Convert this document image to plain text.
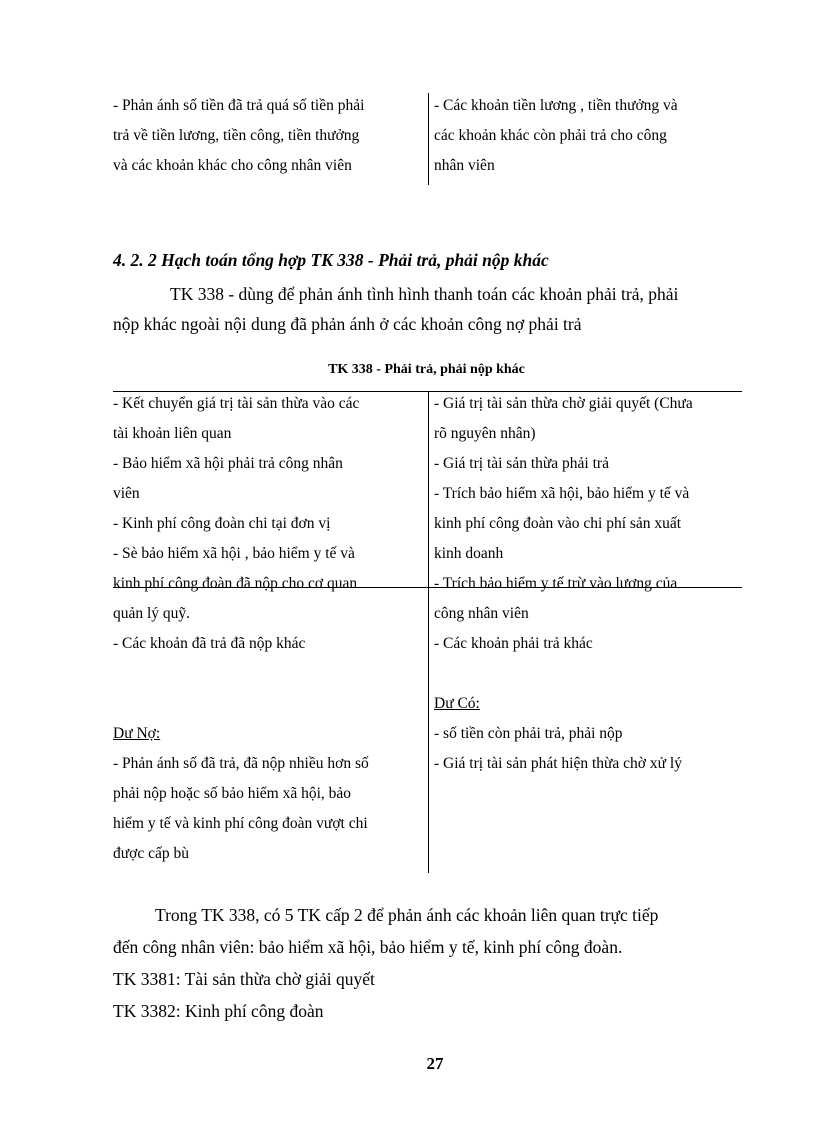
- Phản ánh số tiền đã trả quá số tiền phải
trả về tiền lương, tiền công, tiền thưởng
và các khoản khác cho công nhân viên
- Các khoản tiền lương , tiền thưởng và
các khoản khác còn phải trả cho công
nhân viên
4. 2. 2 Hạch toán tổng hợp TK 338 - Phải trả, phải nộp khác
TK 338 - dùng để phản ánh tình hình thanh toán các khoản phải trả, phải
nộp khác ngoài nội dung đã phản ánh ở các khoản công nợ phải trả
TK 338 - Phải trả, phải nộp khác
- Kết chuyển giá trị tài sản thừa vào các
tài khoản liên quan
- Bảo hiểm xã hội phải trả công nhân
viên
- Kinh phí công đoàn chi tại đơn vị
- Sè bảo hiểm xã hội , bảo hiểm y tế và
kinh phí công đoàn đã nộp cho cơ quan
quản lý quỹ.
- Các khoản đã trả đã nộp khác
Dư Nợ:
- Phản ánh số đã trả, đã nộp nhiều hơn số
phải nộp hoặc số bảo hiểm xã hội, bảo
hiểm y tế và kinh phí công đoàn vượt chi
được cấp bù
- Giá trị tài sản thừa chờ giải quyết (Chưa
rõ nguyên nhân)
- Giá trị tài sản thừa phải trả
- Trích bảo hiểm xã hội, bảo hiểm y tế và
kinh phí công đoàn vào chi phí sản xuất
kinh doanh
- Trích bảo hiểm y tế trừ vào lương của
công nhân viên
- Các khoản phải trả khác
Dư Có:
- số tiền còn phải trả, phải nộp
- Giá trị tài sản phát hiện thừa chờ xử lý
Trong TK 338, có 5 TK cấp 2 để phản ánh các khoản liên quan trực tiếp
đến công nhân viên: bảo hiểm xã hội, bảo hiểm y tế, kinh phí công đoàn.
TK 3381: Tài sản thừa chờ giải quyết
TK 3382: Kinh phí công đoàn
27
